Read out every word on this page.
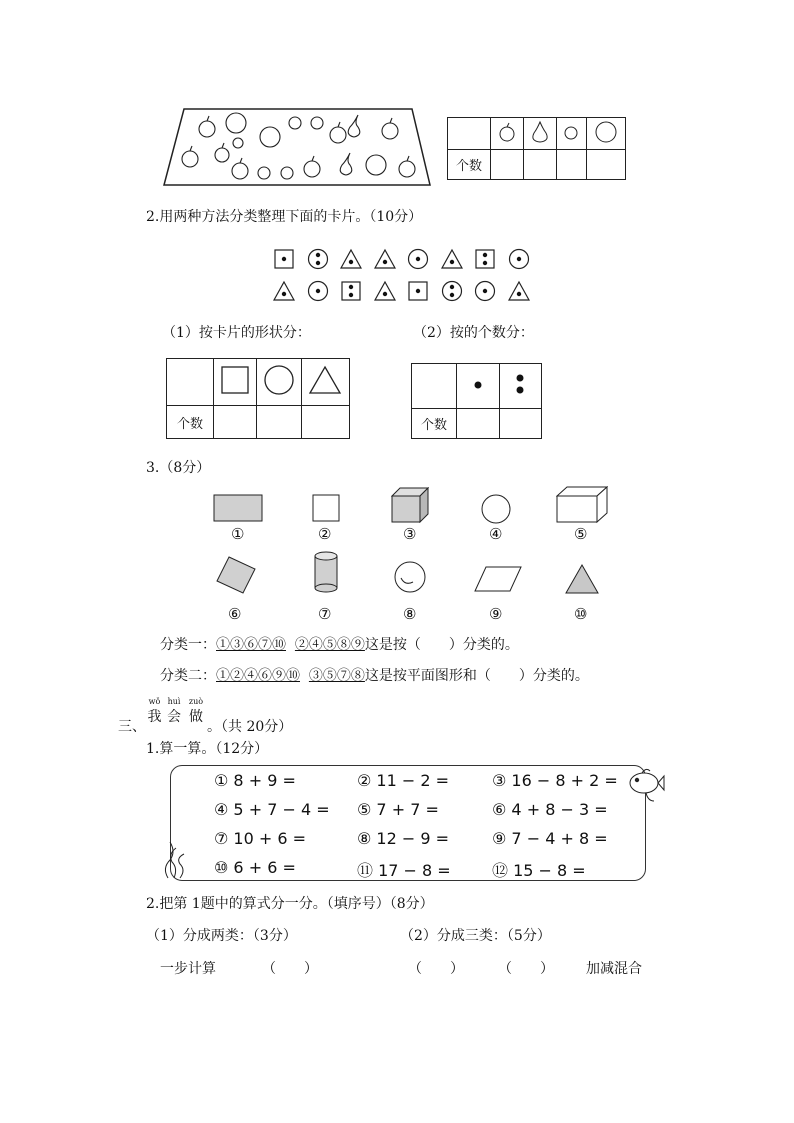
个数				
2.用两种方法分类整理下面的卡片。（10分）
（1）按卡片的形状分：	（2）按的个数分：

个数			
			个数		
3.（8分）
①	②	③	④	⑤
⑥	⑦	⑧	⑨	⑩
分类一：①③⑥⑦⑩ ②④⑤⑧⑨这是按（　　）分类的。
分类二：①②④⑥⑨⑩ ③⑤⑦⑧这是按平面图形和（　　）分类的。
三、
wǒ
我
huì
会
zuò
做
。（共 20分）
1.算一算。（12分）
① 8 + 9 =	② 11 − 2 =	③ 16 − 8 + 2 =
④ 5 + 7 − 4 = ⑤ 7 + 7 =	⑥ 4 + 8 − 3 =
⑦ 10 + 6 =	⑧ 12 − 9 =	⑨ 7 − 4 + 8 =
⑩ 6 + 6 =	⑪ 17 − 8 =	⑫ 15 − 8 =
2.把第 1题中的算式分一分。（填序号）（8分）
（1）分成两类：（3分）	（2）分成三类：（5分）
一步计算	（　　）	（　　） （　　） 加减混合
